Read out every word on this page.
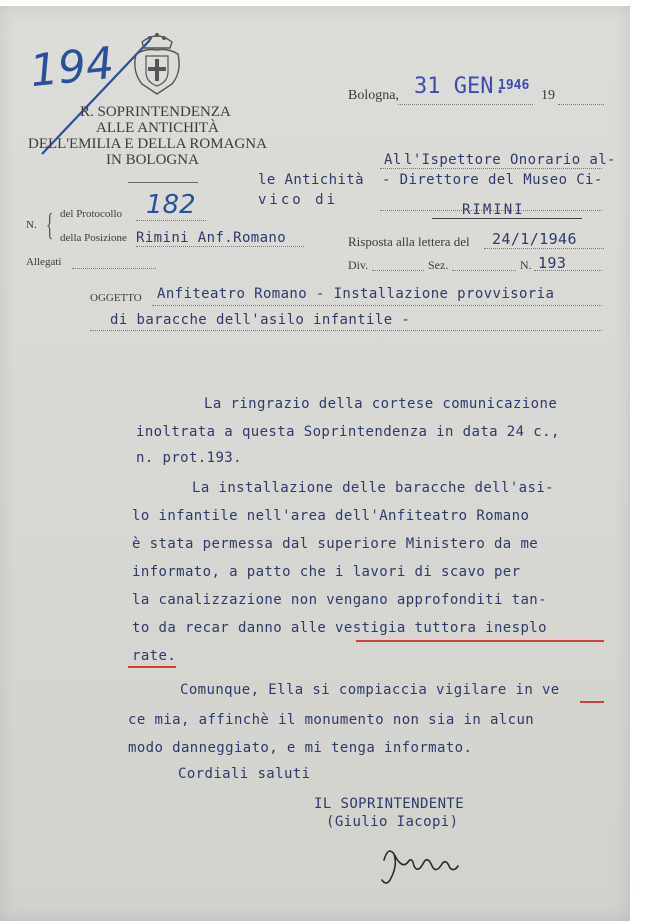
194
R. SOPRINTENDENZA
ALLE ANTICHITÀ
DELL'EMILIA E DELLA ROMAGNA
IN BOLOGNA
Bologna, 31 GEN.
1946
19
Al l'Ispettore Onorario al-
le Antichità - Direttore del Museo Ci-
vico di
RIMINI
N. { del Protocollo 182
della Posizione Rimini Anf.Romano
Allegati
Risposta alla lettera del 24/1/1946
Div.	Sez.	N. 193
OGGETTO Anfiteatro Romano - Installazione provvisoria
di baracche dell'asilo infantile -
La ringrazio della cortese comunicazione
inoltrata a questa Soprintendenza in data 24 c.,
n. prot.193.
La installazione delle baracche dell'asi-
lo infantile nell'area dell'Anfiteatro Romano
è stata permessa dal superiore Ministero da me
informato, a patto che i lavori di scavo per
la canalizzazione non vengano approfonditi tan-
to da recar danno alle vestigia tuttora inesplo
rate.
Comunque, Ella si compiaccia vigilare in ve
ce mia, affinchè il monumento non sia in alcun
modo danneggiato, e mi tenga informato.
Cordiali saluti
IL SOPRINTENDENTE
(Giulio Iacopi)
